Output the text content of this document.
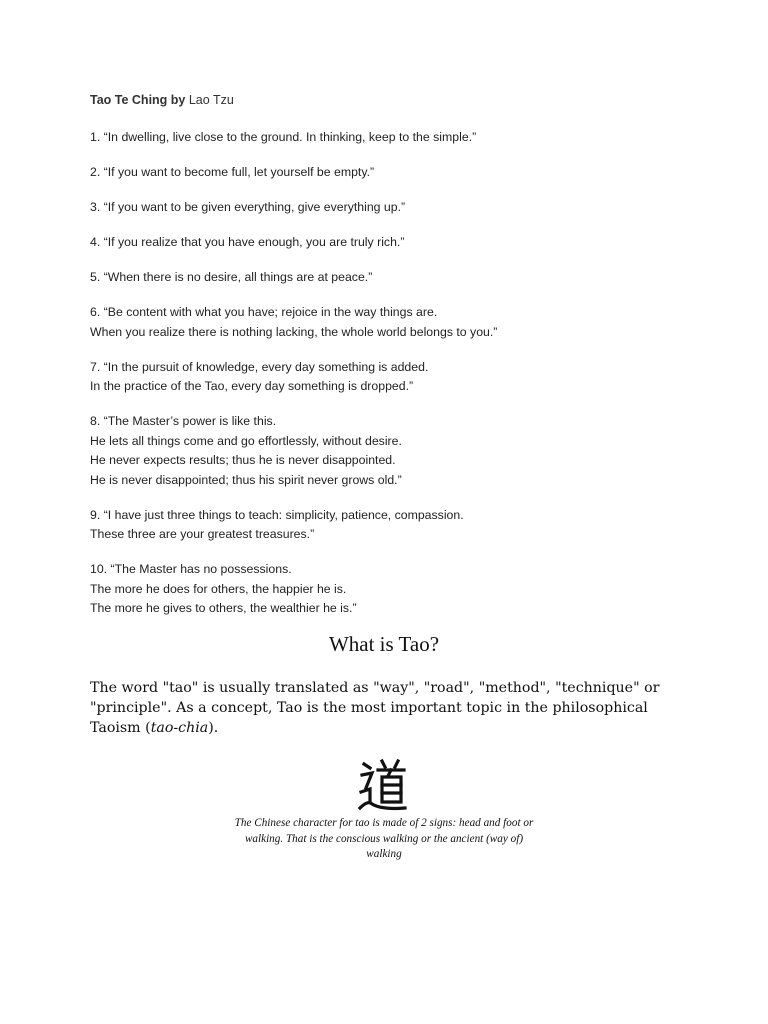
Tao Te Ching by Lao Tzu
1. “In dwelling, live close to the ground. In thinking, keep to the simple.”
2. “If you want to become full, let yourself be empty.”
3. “If you want to be given everything, give everything up.”
4. “If you realize that you have enough, you are truly rich.”
5. “When there is no desire, all things are at peace.”
6. “Be content with what you have; rejoice in the way things are.
When you realize there is nothing lacking, the whole world belongs to you.”
7. “In the pursuit of knowledge, every day something is added.
In the practice of the Tao, every day something is dropped.”
8. “The Master’s power is like this.
He lets all things come and go effortlessly, without desire.
He never expects results; thus he is never disappointed.
He is never disappointed; thus his spirit never grows old.”
9. “I have just three things to teach: simplicity, patience, compassion.
These three are your greatest treasures.”
10. “The Master has no possessions.
The more he does for others, the happier he is.
The more he gives to others, the wealthier he is.”
What is Tao?
The word "tao" is usually translated as "way", "road", "method", "technique" or "principle". As a concept, Tao is the most important topic in the philosophical Taoism (tao-chia).
The Chinese character for tao is made of 2 signs: head and foot or walking. That is the conscious walking or the ancient (way of) walking
